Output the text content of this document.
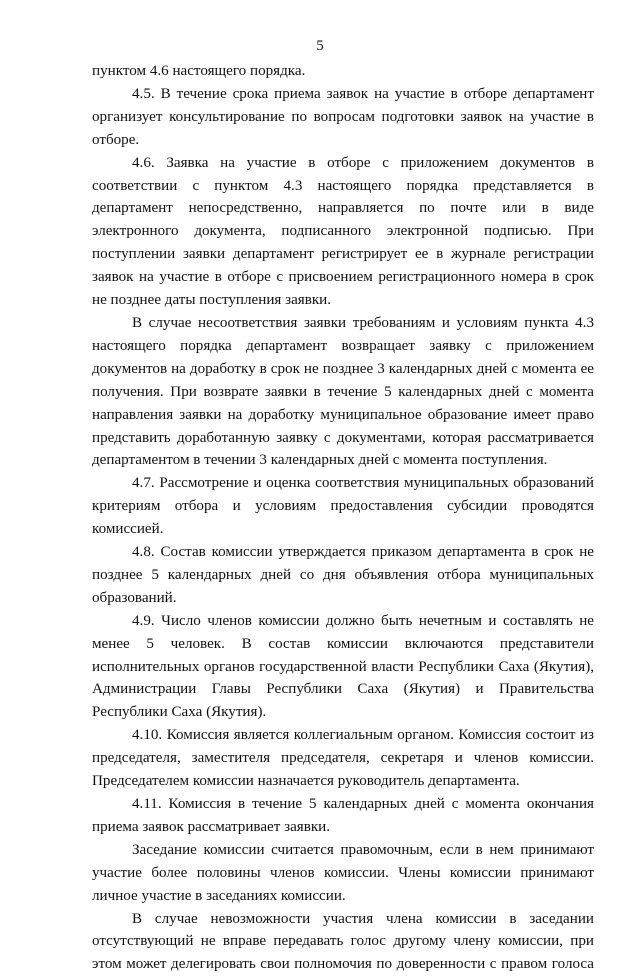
5

пунктом 4.6 настоящего порядка.

4.5. В течение срока приема заявок на участие в отборе департамент организует консультирование по вопросам подготовки заявок на участие в отборе.

4.6. Заявка на участие в отборе с приложением документов в соответствии с пунктом 4.3 настоящего порядка представляется в департамент непосредственно, направляется по почте или в виде электронного документа, подписанного электронной подписью. При поступлении заявки департамент регистрирует ее в журнале регистрации заявок на участие в отборе с присвоением регистрационного номера в срок не позднее даты поступления заявки.

В случае несоответствия заявки требованиям и условиям пункта 4.3 настоящего порядка департамент возвращает заявку с приложением документов на доработку в срок не позднее 3 календарных дней с момента ее получения. При возврате заявки в течение 5 календарных дней с момента направления заявки на доработку муниципальное образование имеет право представить доработанную заявку с документами, которая рассматривается департаментом в течении 3 календарных дней с момента поступления.

4.7. Рассмотрение и оценка соответствия муниципальных образований критериям отбора и условиям предоставления субсидии проводятся комиссией.

4.8. Состав комиссии утверждается приказом департамента в срок не позднее 5 календарных дней со дня объявления отбора муниципальных образований.

4.9. Число членов комиссии должно быть нечетным и составлять не менее 5 человек. В состав комиссии включаются представители исполнительных органов государственной власти Республики Саха (Якутия), Администрации Главы Республики Саха (Якутия) и Правительства Республики Саха (Якутия).

4.10. Комиссия является коллегиальным органом. Комиссия состоит из председателя, заместителя председателя, секретаря и членов комиссии. Председателем комиссии назначается руководитель департамента.

4.11. Комиссия в течение 5 календарных дней с момента окончания приема заявок рассматривает заявки.

Заседание комиссии считается правомочным, если в нем принимают участие более половины членов комиссии. Члены комиссии принимают личное участие в заседаниях комиссии.

В случае невозможности участия члена комиссии в заседании отсутствующий не вправе передавать голос другому члену комиссии, при этом может делегировать свои полномочия по доверенности с правом голоса
